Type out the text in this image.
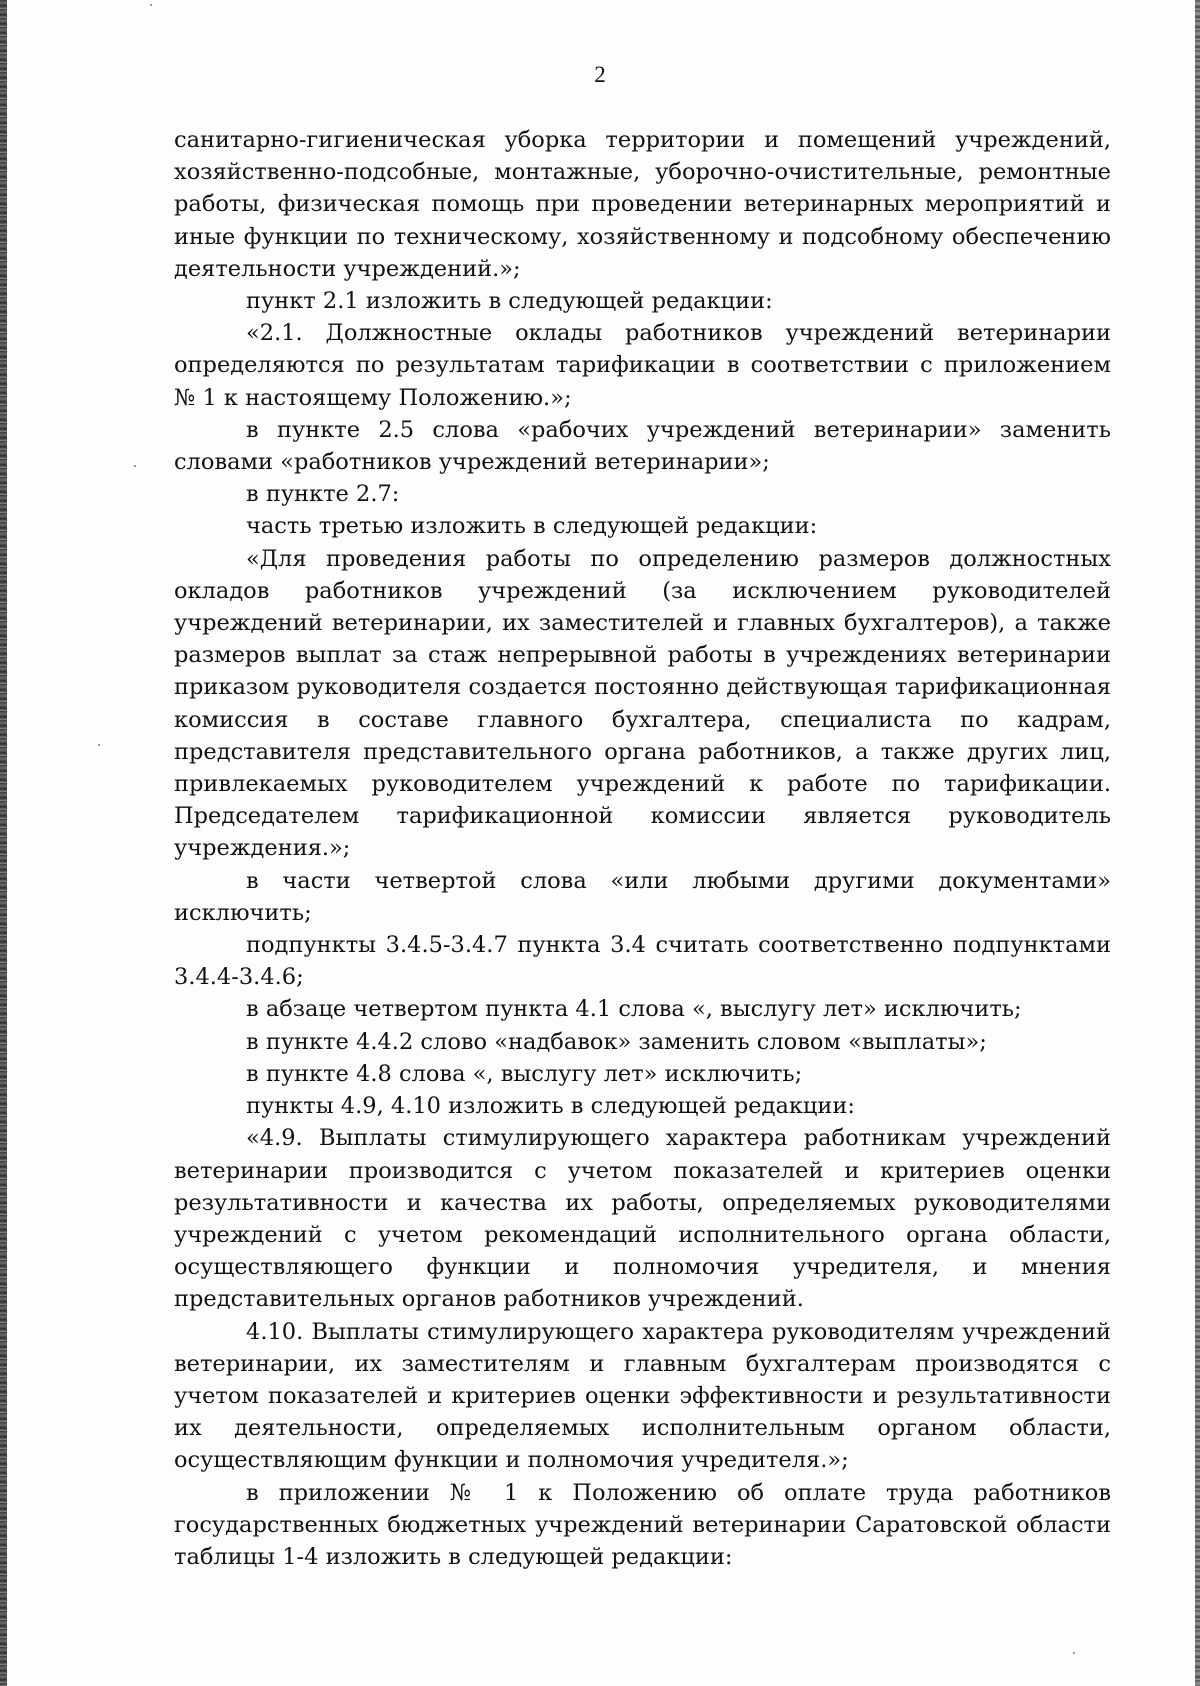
2

санитарно-гигиеническая уборка территории и помещений учреждений, хозяйственно-подсобные, монтажные, уборочно-очистительные, ремонтные работы, физическая помощь при проведении ветеринарных мероприятий и иные функции по техническому, хозяйственному и подсобному обеспечению деятельности учреждений.»;

пункт 2.1 изложить в следующей редакции:

«2.1. Должностные оклады работников учреждений ветеринарии определяются по результатам тарификации в соответствии с приложением № 1 к настоящему Положению.»;

в пункте 2.5 слова «рабочих учреждений ветеринарии» заменить словами «работников учреждений ветеринарии»;

в пункте 2.7:

часть третью изложить в следующей редакции:

«Для проведения работы по определению размеров должностных окладов работников учреждений (за исключением руководителей учреждений ветеринарии, их заместителей и главных бухгалтеров), а также размеров выплат за стаж непрерывной работы в учреждениях ветеринарии приказом руководителя создается постоянно действующая тарификационная комиссия в составе главного бухгалтера, специалиста по кадрам, представителя представительного органа работников, а также других лиц, привлекаемых руководителем учреждений к работе по тарификации. Председателем тарификационной комиссии является руководитель учреждения.»;

в части четвертой слова «или любыми другими документами» исключить;

подпункты 3.4.5-3.4.7 пункта 3.4 считать соответственно подпунктами 3.4.4-3.4.6;

в абзаце четвертом пункта 4.1 слова «, выслугу лет» исключить;

в пункте 4.4.2 слово «надбавок» заменить словом «выплаты»;

в пункте 4.8 слова «, выслугу лет» исключить;

пункты 4.9, 4.10 изложить в следующей редакции:

«4.9. Выплаты стимулирующего характера работникам учреждений ветеринарии производится с учетом показателей и критериев оценки результативности и качества их работы, определяемых руководителями учреждений с учетом рекомендаций исполнительного органа области, осуществляющего функции и полномочия учредителя, и мнения представительных органов работников учреждений.

4.10. Выплаты стимулирующего характера руководителям учреждений ветеринарии, их заместителям и главным бухгалтерам производятся с учетом показателей и критериев оценки эффективности и результативности их деятельности, определяемых исполнительным органом области, осуществляющим функции и полномочия учредителя.»;

в приложении № 1 к Положению об оплате труда работников государственных бюджетных учреждений ветеринарии Саратовской области таблицы 1-4 изложить в следующей редакции:
